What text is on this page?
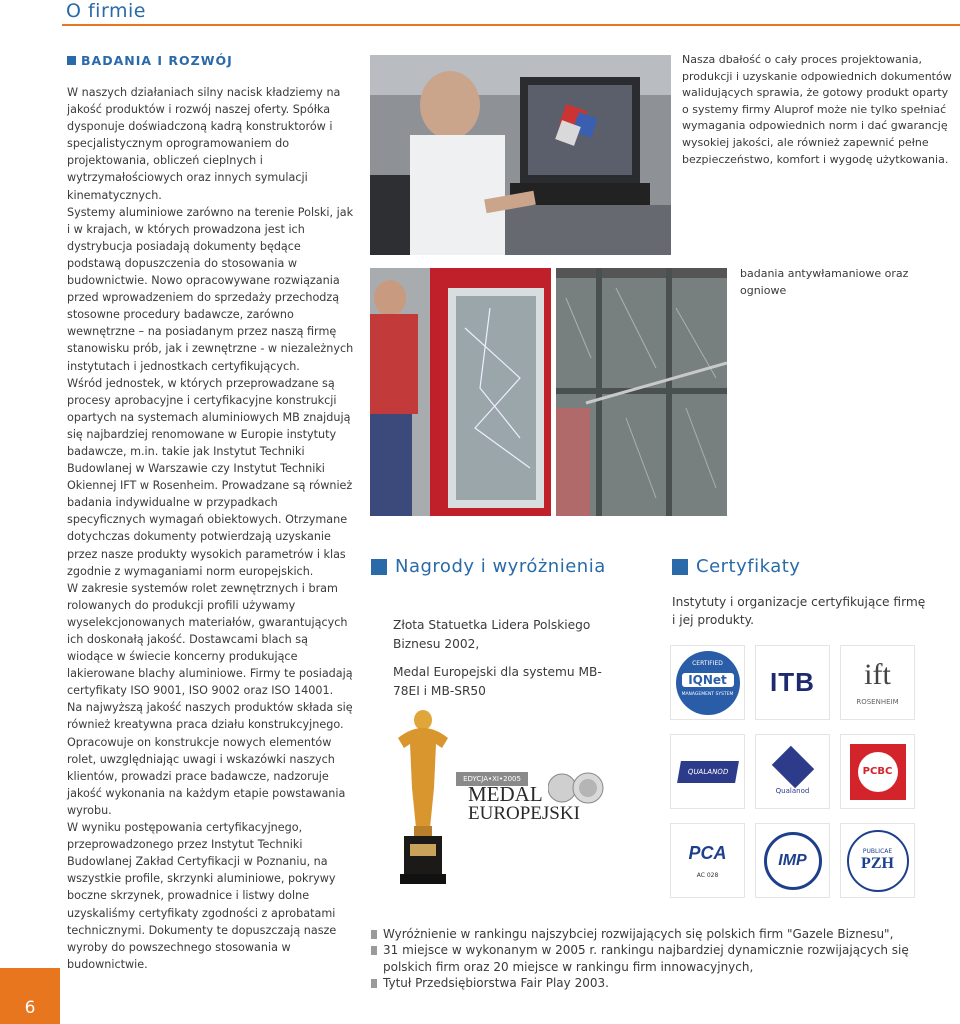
O firmie
BADANIA I ROZWÓJ

W naszych działaniach silny nacisk kładziemy na jakość produktów i rozwój naszej oferty. Spółka dysponuje doświadczoną kadrą konstruktorów i specjalistycznym oprogramowaniem do projektowania, obliczeń cieplnych i wytrzymałościowych oraz innych symulacji kinematycznych.

Systemy aluminiowe zarówno na terenie Polski, jak i w krajach, w których prowadzona jest ich dystrybucja posiadają dokumenty będące podstawą dopuszczenia do stosowania w budownictwie. Nowo opracowywane rozwiązania przed wprowadzeniem do sprzedaży przechodzą stosowne procedury badawcze, zarówno wewnętrzne – na posiadanym przez naszą firmę stanowisku prób, jak i zewnętrzne - w niezależnych instytutach i jednostkach certyfikujących.

Wśród jednostek, w których przeprowadzane są procesy aprobacyjne i certyfikacyjne konstrukcji opartych na systemach aluminiowych MB znajdują się najbardziej renomowane w Europie instytuty badawcze, m.in. takie jak Instytut Techniki Budowlanej w Warszawie czy Instytut Techniki Okiennej IFT w Rosenheim. Prowadzane są również badania indywidualne w przypadkach specyficznych wymagań obiektowych. Otrzymane dotychczas dokumenty potwierdzają uzyskanie przez nasze produkty wysokich parametrów i klas zgodnie z wymaganiami norm europejskich.

W zakresie systemów rolet zewnętrznych i bram rolowanych do produkcji profili używamy wyselekcjonowanych materiałów, gwarantujących ich doskonałą jakość. Dostawcami blach są wiodące w świecie koncerny produkujące lakierowane blachy aluminiowe. Firmy te posiadają certyfikaty ISO 9001, ISO 9002 oraz ISO 14001.

Na najwyższą jakość naszych produktów składa się również kreatywna praca działu konstrukcyjnego. Opracowuje on konstrukcje nowych elementów rolet, uwzględniając uwagi i wskazówki naszych klientów, prowadzi prace badawcze, nadzoruje jakość wykonania na każdym etapie powstawania wyrobu.

W wyniku postępowania certyfikacyjnego, przeprowadzonego przez Instytut Techniki Budowlanej Zakład Certyfikacji w Poznaniu, na wszystkie profile, skrzynki aluminiowe, pokrywy boczne skrzynek, prowadnice i listwy dolne uzyskaliśmy certyfikaty zgodności z aprobatami technicznymi. Dokumenty te dopuszczają nasze wyroby do powszechnego stosowania w budownictwie.

Nasza dbałość o cały proces projektowania, produkcji i uzyskanie odpowiednich dokumentów walidujących sprawia, że gotowy produkt oparty o systemy firmy Aluprof może nie tylko spełniać wymagania odpowiednich norm i dać gwarancję wysokiej jakości, ale również zapewnić pełne bezpieczeństwo, komfort i wygodę użytkowania.
badania antywłamaniowe oraz ogniowe
Nagrody i wyróżnienia
Złota Statuetka Lidera Polskiego Biznesu 2002,
Medal Europejski dla systemu MB-78EI i MB-SR50
EDYCJA•XI•2005
MEDAL
EUROPEJSKI
Certyfikaty
Instytuty i organizacje certyfikujące firmę i jej produkty.
CERTIFIED
IQNet
MANAGEMENT SYSTEM ITB ift
ROSENHEIM
QUALANOD
Qualanod
PCBC
PCA
AC 028
IMP	PUBLICAE
PZH
Wyróżnienie w rankingu najszybciej rozwijających się polskich firm "Gazele Biznesu",
31 miejsce w wykonanym w 2005 r. rankingu najbardziej dynamicznie rozwijających się polskich firm oraz 20 miejsce w rankingu firm innowacyjnych,
Tytuł Przedsiębiorstwa Fair Play 2003.
6
